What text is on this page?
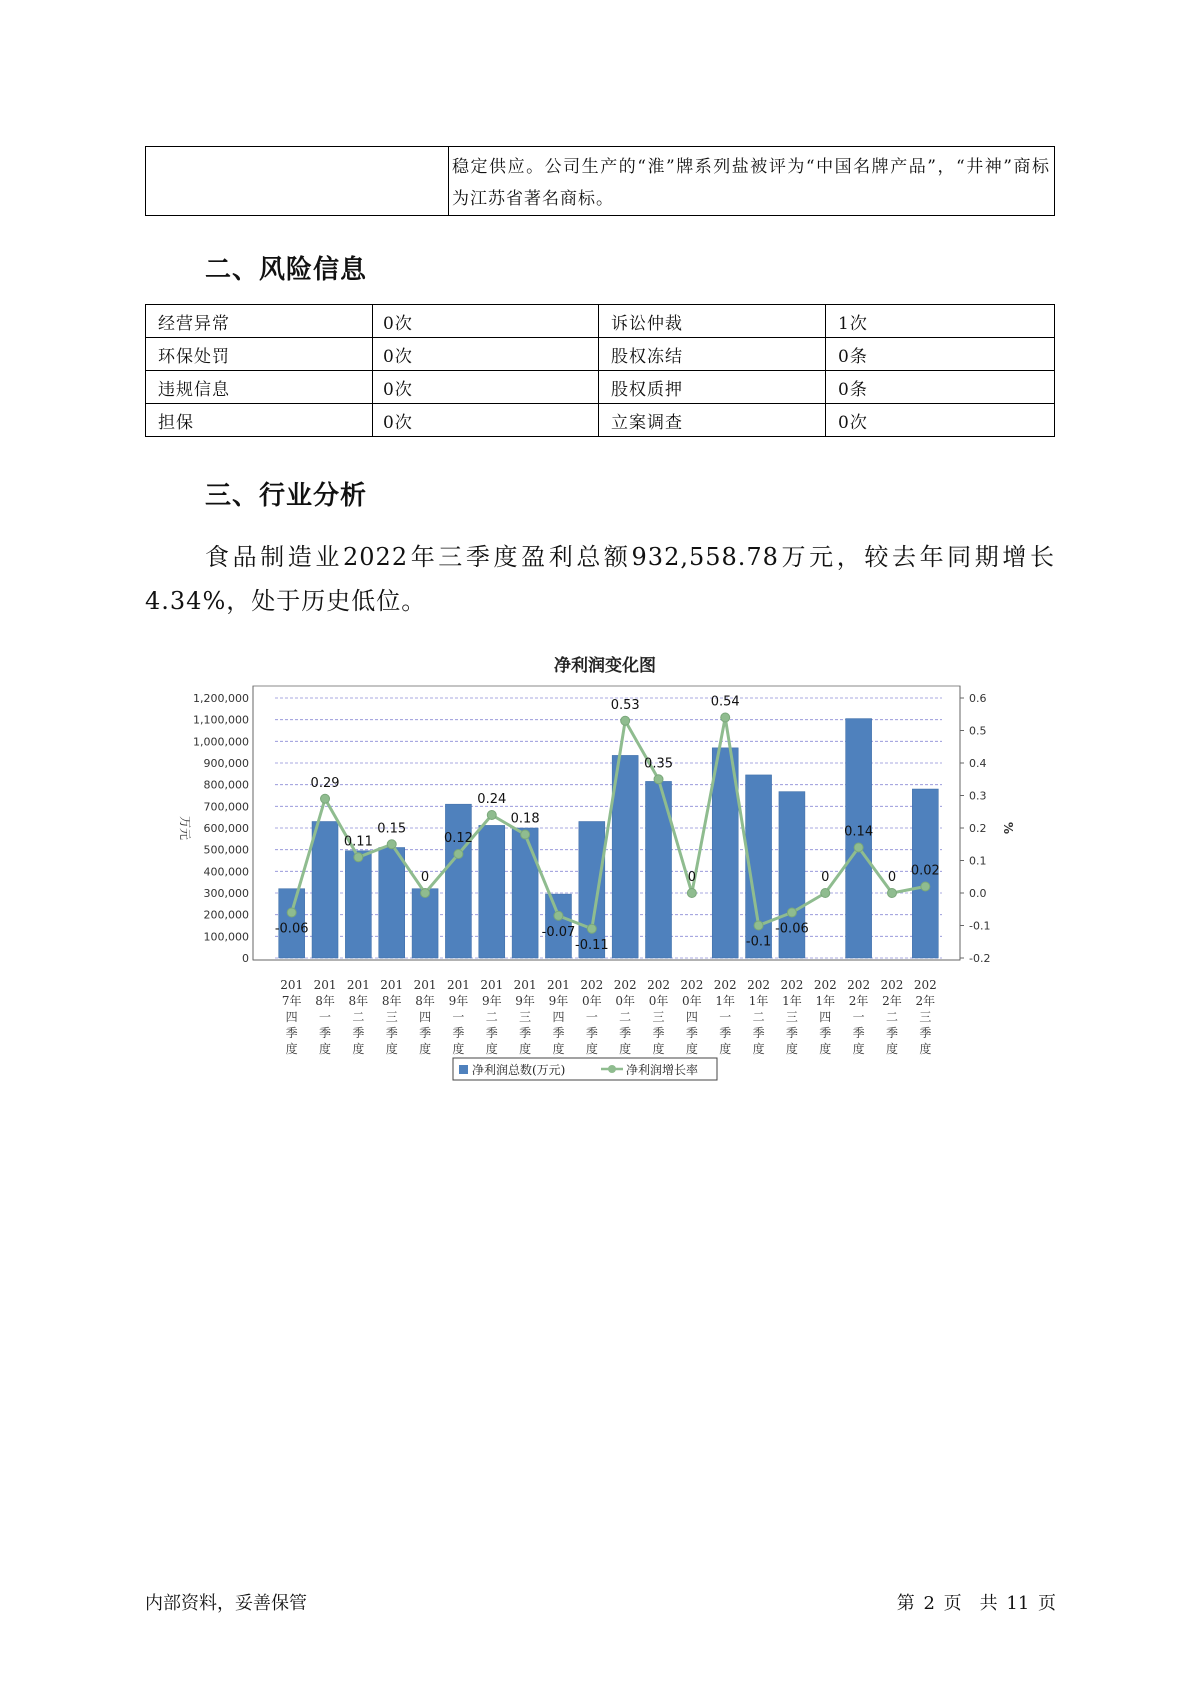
	稳定供应。公司生产的“淮”牌系列盐被评为“中国名牌产品”，“井神”商标为江苏省著名商标。
二、风险信息
经营异常	0次	诉讼仲裁	1次
环保处罚	0次	股权冻结	0条
违规信息	0次	股权质押	0条
担保	0次	立案调查	0次
三、行业分析

食品制造业2022年三季度盈利总额932,558.78万元，较去年同期增长4.34%，处于历史低位。

净利润变化图
0
100,000
200,000
300,000
400,000
500,000
600,000
700,000
800,000
900,000
1,000,000
1,100,000
1,200,000
-0.2
-0.1
0.0
0.1
0.2
0.3
0.4
0.5
0.6
万元	%
-0.06
0.29
0.11
0.15
0
0.12
0.24
0.18
-0.07
-0.11
0.53
0.35
0
0.54
-0.1
-0.06
0
0.14
0 0.02
201
7年
四
季
度
201
8年
一
季
度
201
8年
二
季
度
201
8年
三
季
度
201
8年
四
季
度
201
9年
一
季
度
201
9年
二
季
度
201
9年
三
季
度
201
9年
四
季
度
202
0年
一
季
度
202
0年
二
季
度
202
0年
三
季
度
202
0年
四
季
度
202
1年
一
季
度
202
1年
二
季
度
202
1年
三
季
度
202
1年
四
季
度
202
2年
一
季
度
202
2年
二
季
度
202
2年
三
季
度
净利润总数(万元)	净利润增长率
内部资料，妥善保管	第 2 页　共 11 页
